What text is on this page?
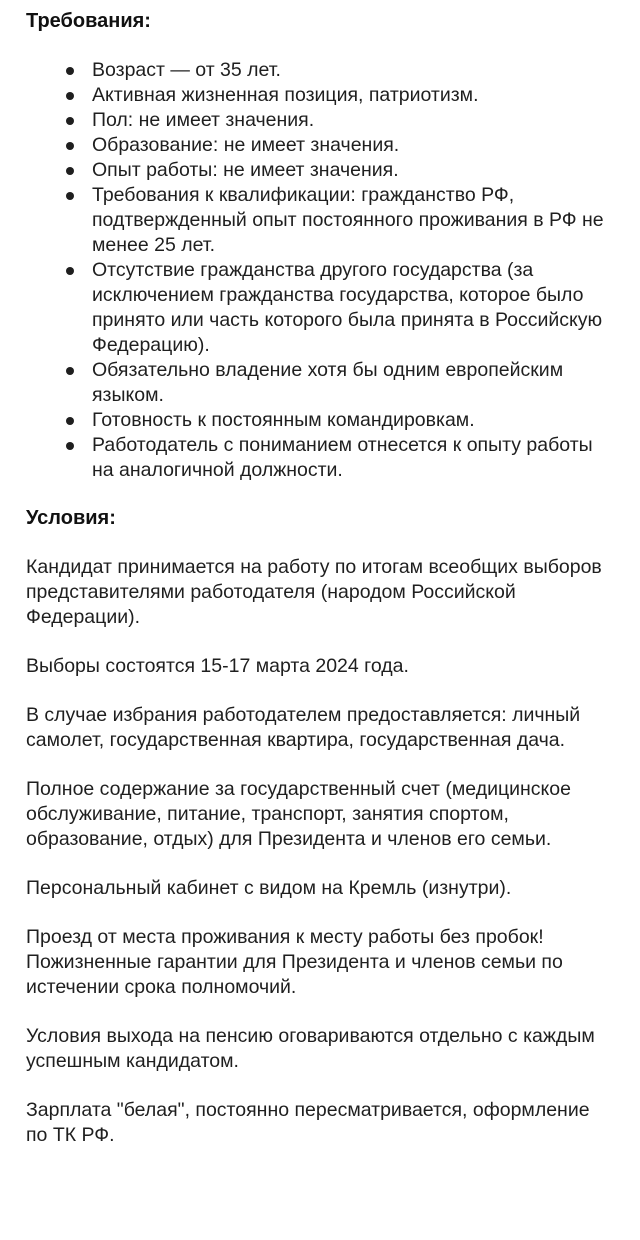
Требования:
Возраст — от 35 лет.
Активная жизненная позиция, патриотизм.
Пол: не имеет значения.
Образование: не имеет значения.
Опыт работы: не имеет значения.
Требования к квалификации: гражданство РФ, подтвержденный опыт постоянного проживания в РФ не менее 25 лет.
Отсутствие гражданства другого государства (за исключением гражданства государства, которое было принято или часть которого была принята в Российскую Федерацию).
Обязательно владение хотя бы одним европейским языком.
Готовность к постоянным командировкам.
Работодатель с пониманием отнесется к опыту работы на аналогичной должности.
Условия:

Кандидат принимается на работу по итогам всеобщих выборов представителями работодателя (народом Российской Федерации).

Выборы состоятся 15-17 марта 2024 года.

В случае избрания работодателем предоставляется: личный самолет, государственная квартира, государственная дача.

Полное содержание за государственный счет (медицинское обслуживание, питание, транспорт, занятия спортом, образование, отдых) для Президента и членов его семьи.

Персональный кабинет с видом на Кремль (изнутри).

Проезд от места проживания к месту работы без пробок! Пожизненные гарантии для Президента и членов семьи по истечении срока полномочий.

Условия выхода на пенсию оговариваются отдельно с каждым успешным кандидатом.

Зарплата "белая", постоянно пересматривается, оформление по ТК РФ.
